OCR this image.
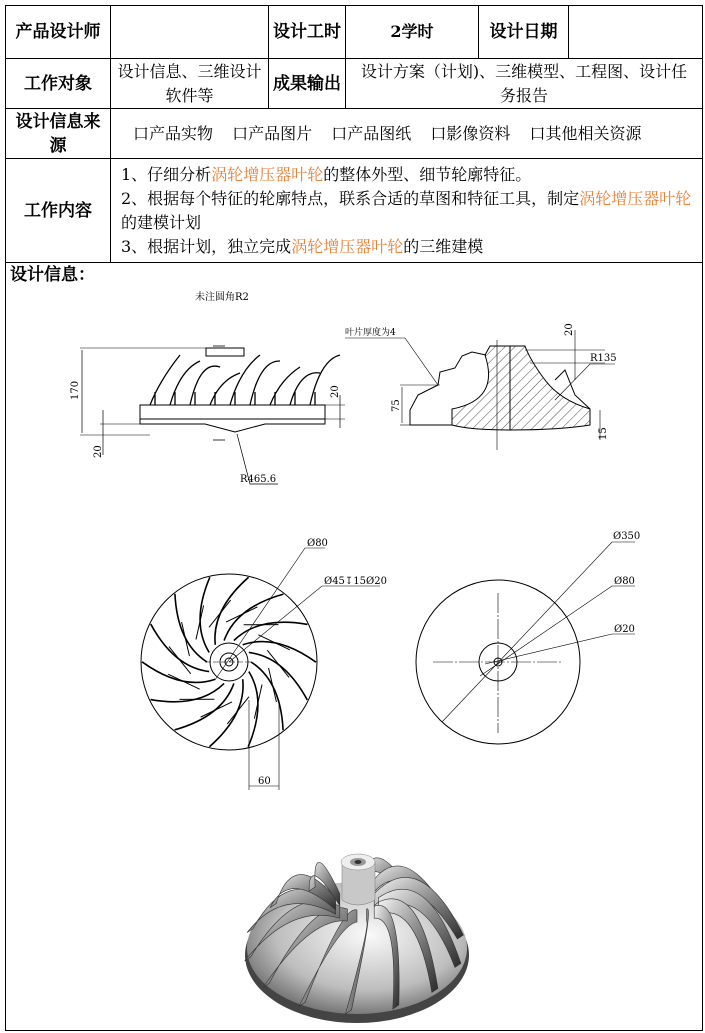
产品设计师		设计工时	2学时	设计日期	
工作对象	设计信息、三维设计软件等	成果输出	设计方案（计划)、三维模型、工程图、设计任务报告		
设计信息来源	口产品实物 口产品图片 口产品图纸 口影像资料 口其他相关资源				
工作内容	1、仔细分析涡轮增压器叶轮的整体外型、细节轮廓特征。
2、根据每个特征的轮廓特点，联系合适的草图和特征工具，制定涡轮增压器叶轮的建模计划
3、根据计划，独立完成涡轮增压器叶轮的三维建模				

设计信息：					
未注圆角R2
170
20
20
R465.6
叶片厚度为4	20
R135
75
15
Ø80
Ø45↧15Ø20
60
Ø350
Ø80
Ø20
